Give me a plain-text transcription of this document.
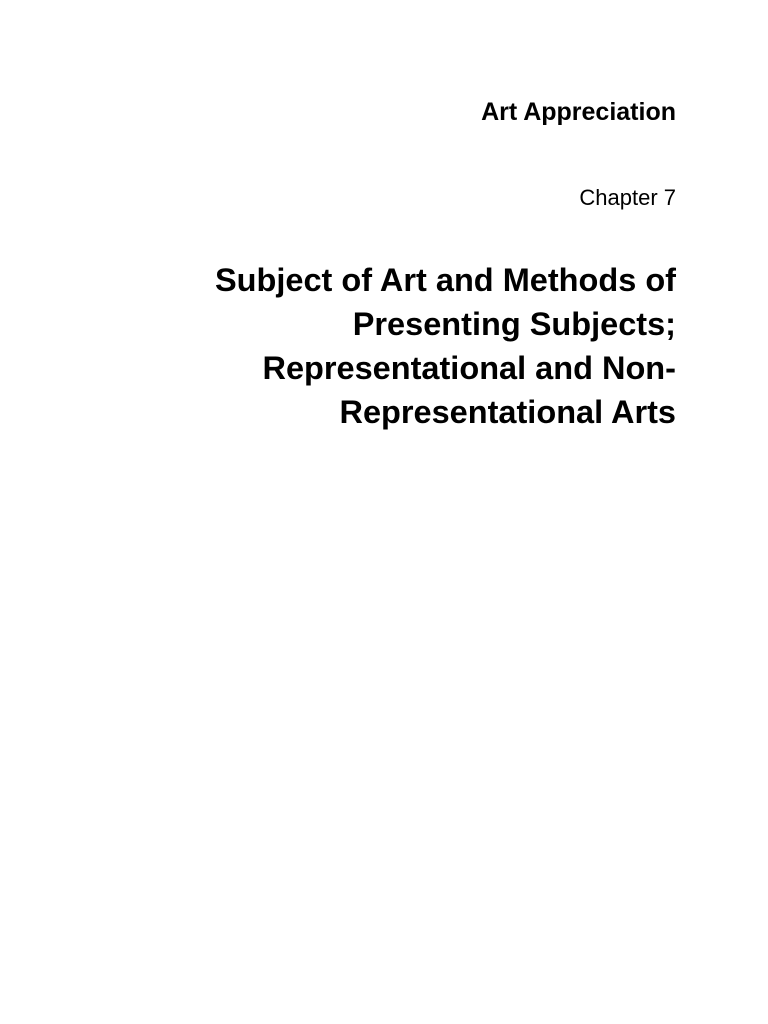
Art Appreciation
Chapter 7
Subject of Art and Methods of
Presenting Subjects;
Representational and Non-
Representational Arts
